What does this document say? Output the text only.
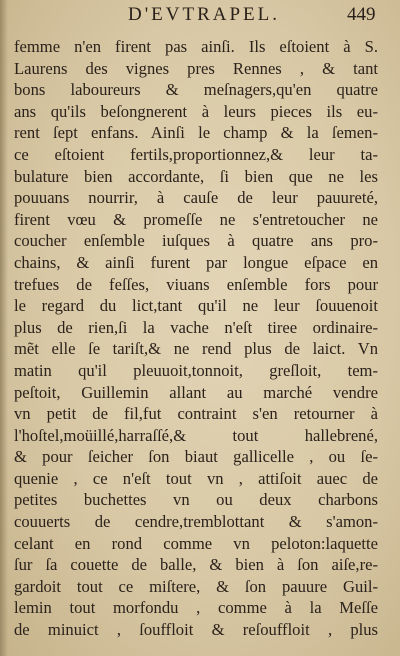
D'EVTRAPEL.	449
femme n'en firent pas ainſi. Ils eſtoient à S.
Laurens des vignes pres Rennes , & tant
bons laboureurs & meſnagers,qu'en quatre
ans qu'ils beſongnerent à leurs pieces ils eu-
rent ſept enfans. Ainſi le champ & la ſemen-
ce eſtoient fertils,proportionnez,& leur ta-
bulature bien accordante, ſi bien que ne les
pouuans nourrir, à cauſe de leur pauureté,
firent vœu & promeſſe ne s'entretoucher ne
coucher enſemble iuſques à quatre ans pro-
chains, & ainſi furent par longue eſpace en
trefues de feſſes, viuans enſemble fors pour
le regard du lict,tant qu'il ne leur ſouuenoit
plus de rien,ſi la vache n'eſt tiree ordinaire-
mẽt elle ſe tariſt,& ne rend plus de laict. Vn
matin qu'il pleuuoit,tonnoit, greſloit, tem-
peſtoit, Guillemin allant au marché vendre
vn petit de fil,fut contraint s'en retourner à
l'hoſtel,moüillé,harraſſé,& tout hallebrené,
& pour ſeicher ſon biaut gallicelle , ou ſe-
quenie , ce n'eſt tout vn , attiſoit auec de
petites buchettes vn ou deux charbons
couuerts de cendre,tremblottant & s'amon-
celant en rond comme vn peloton:laquette
ſur ſa couette de balle, & bien à ſon aiſe,re-
gardoit tout ce miſtere, & ſon pauure Guil-
lemin tout morfondu , comme à la Meſſe
de minuict , ſouffloit & reſouffloit , plus
